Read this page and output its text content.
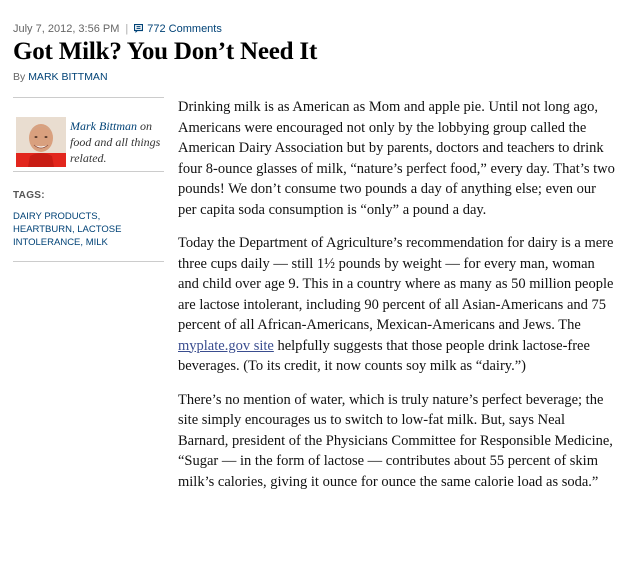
July 7, 2012, 3:56 PM | 772 Comments
Got Milk? You Don’t Need It
By MARK BITTMAN
Mark Bittman on food and all things related.
TAGS:
DAIRY PRODUCTS,
HEARTBURN, LACTOSE INTOLERANCE, MILK

Drinking milk is as American as Mom and apple pie. Until not long ago, Americans were encouraged not only by the lobbying group called the American Dairy Association but by parents, doctors and teachers to drink four 8-ounce glasses of milk, “nature’s perfect food,” every day. That’s two pounds! We don’t consume two pounds a day of anything else; even our per capita soda consumption is “only” a pound a day.

Today the Department of Agriculture’s recommendation for dairy is a mere three cups daily — still 1½ pounds by weight — for every man, woman and child over age 9. This in a country where as many as 50 million people are lactose intolerant, including 90 percent of all Asian-Americans and 75 percent of all African-Americans, Mexican-Americans and Jews. The myplate.gov site helpfully suggests that those people drink lactose-free beverages. (To its credit, it now counts soy milk as “dairy.”)

There’s no mention of water, which is truly nature’s perfect beverage; the site simply encourages us to switch to low-fat milk. But, says Neal Barnard, president of the Physicians Committee for Responsible Medicine, “Sugar — in the form of lactose — contributes about 55 percent of skim milk’s calories, giving it ounce for ounce the same calorie load as soda.”
